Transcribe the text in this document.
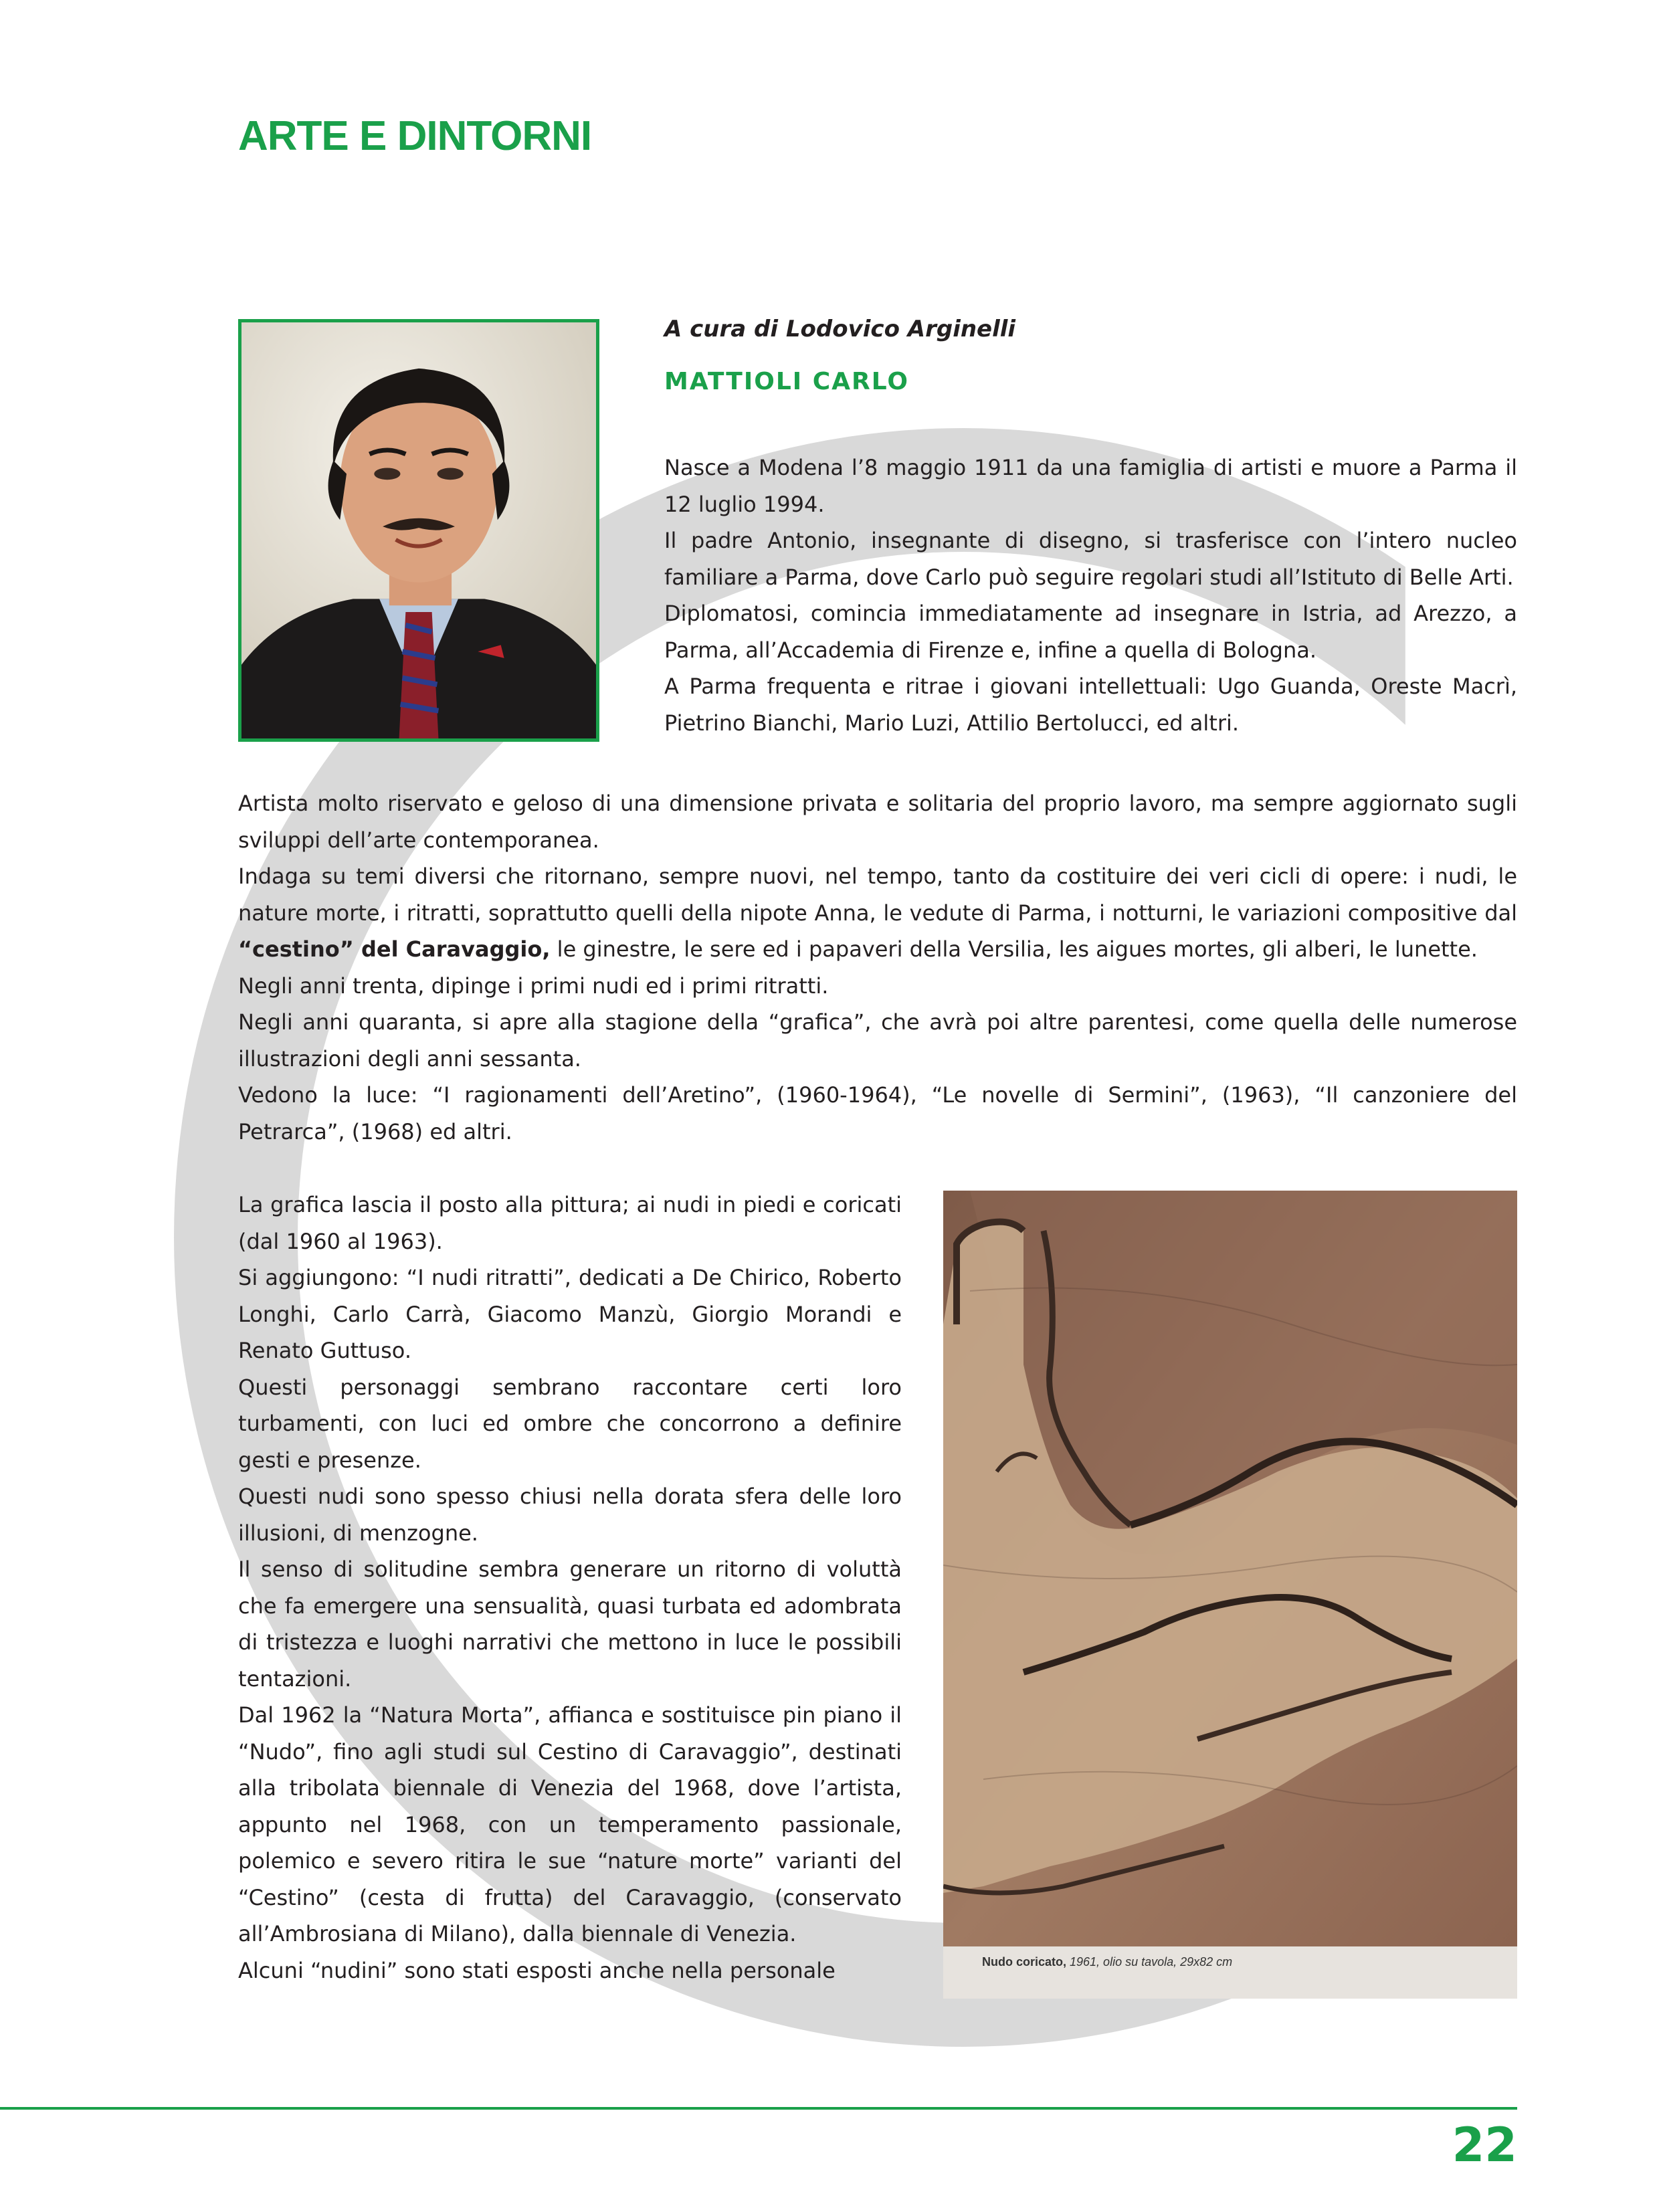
ARTE E DINTORNI

A cura di Lodovico Arginelli

MATTIOLI CARLO

Nasce a Modena l’8 maggio 1911 da una famiglia di artisti e muore a Parma il 12 luglio 1994.

Il padre Antonio, insegnante di disegno, si trasferisce con l’intero nucleo familiare a Parma, dove Carlo può seguire regolari studi all’Istituto di Belle Arti.

Diplomatosi, comincia immediatamente ad insegnare in Istria, ad Arezzo, a Parma, all’Accademia di Firenze e, infine a quella di Bologna.

A Parma frequenta e ritrae i giovani intellettuali: Ugo Guanda, Oreste Macrì, Pietrino Bianchi, Mario Luzi, Attilio Bertolucci, ed altri.

Artista molto riservato e geloso di una dimensione privata e solitaria del proprio lavoro, ma sempre aggiornato sugli sviluppi dell’arte contemporanea.

Indaga su temi diversi che ritornano, sempre nuovi, nel tempo, tanto da costituire dei veri cicli di opere: i nudi, le nature morte, i ritratti, soprattutto quelli della nipote Anna, le vedute di Parma, i notturni, le variazioni compositive dal “cestino” del Caravaggio, le ginestre, le sere ed i papaveri della Versilia, les aigues mortes, gli alberi, le lunette.

Negli anni trenta, dipinge i primi nudi ed i primi ritratti.

Negli anni quaranta, si apre alla stagione della “grafica”, che avrà poi altre parentesi, come quella delle numerose illustrazioni degli anni sessanta.

Vedono la luce: “I ragionamenti dell’Aretino”, (1960-1964), “Le novelle di Sermini”, (1963), “Il canzoniere del Petrarca”, (1968) ed altri.

La grafica lascia il posto alla pittura; ai nudi in piedi e coricati (dal 1960 al 1963).

Si aggiungono: “I nudi ritratti”, dedicati a De Chirico, Roberto Longhi, Carlo Carrà, Giacomo Manzù, Giorgio Morandi e Renato Guttuso.

Questi personaggi sembrano raccontare certi loro turbamenti, con luci ed ombre che concorrono a definire gesti e presenze.

Questi nudi sono spesso chiusi nella dorata sfera delle loro illusioni, di menzogne.

Il senso di solitudine sembra generare un ritorno di voluttà che fa emergere una sensualità, quasi turbata ed adombrata di tristezza e luoghi narrativi che mettono in luce le possibili tentazioni.

Dal 1962 la “Natura Morta”, affianca e sostituisce pin piano il “Nudo”, fino agli studi sul Cestino di Caravaggio”, destinati alla tribolata biennale di Venezia del 1968, dove l’artista, appunto nel 1968, con un temperamento passionale, polemico e severo ritira le sue “nature morte” varianti del “Cestino” (cesta di frutta) del Caravaggio, (conservato all’Ambrosiana di Milano), dalla biennale di Venezia.

Alcuni “nudini” sono stati esposti anche nella personale	Nudo coricato, 1961, olio su tavola, 29x82 cm

22
